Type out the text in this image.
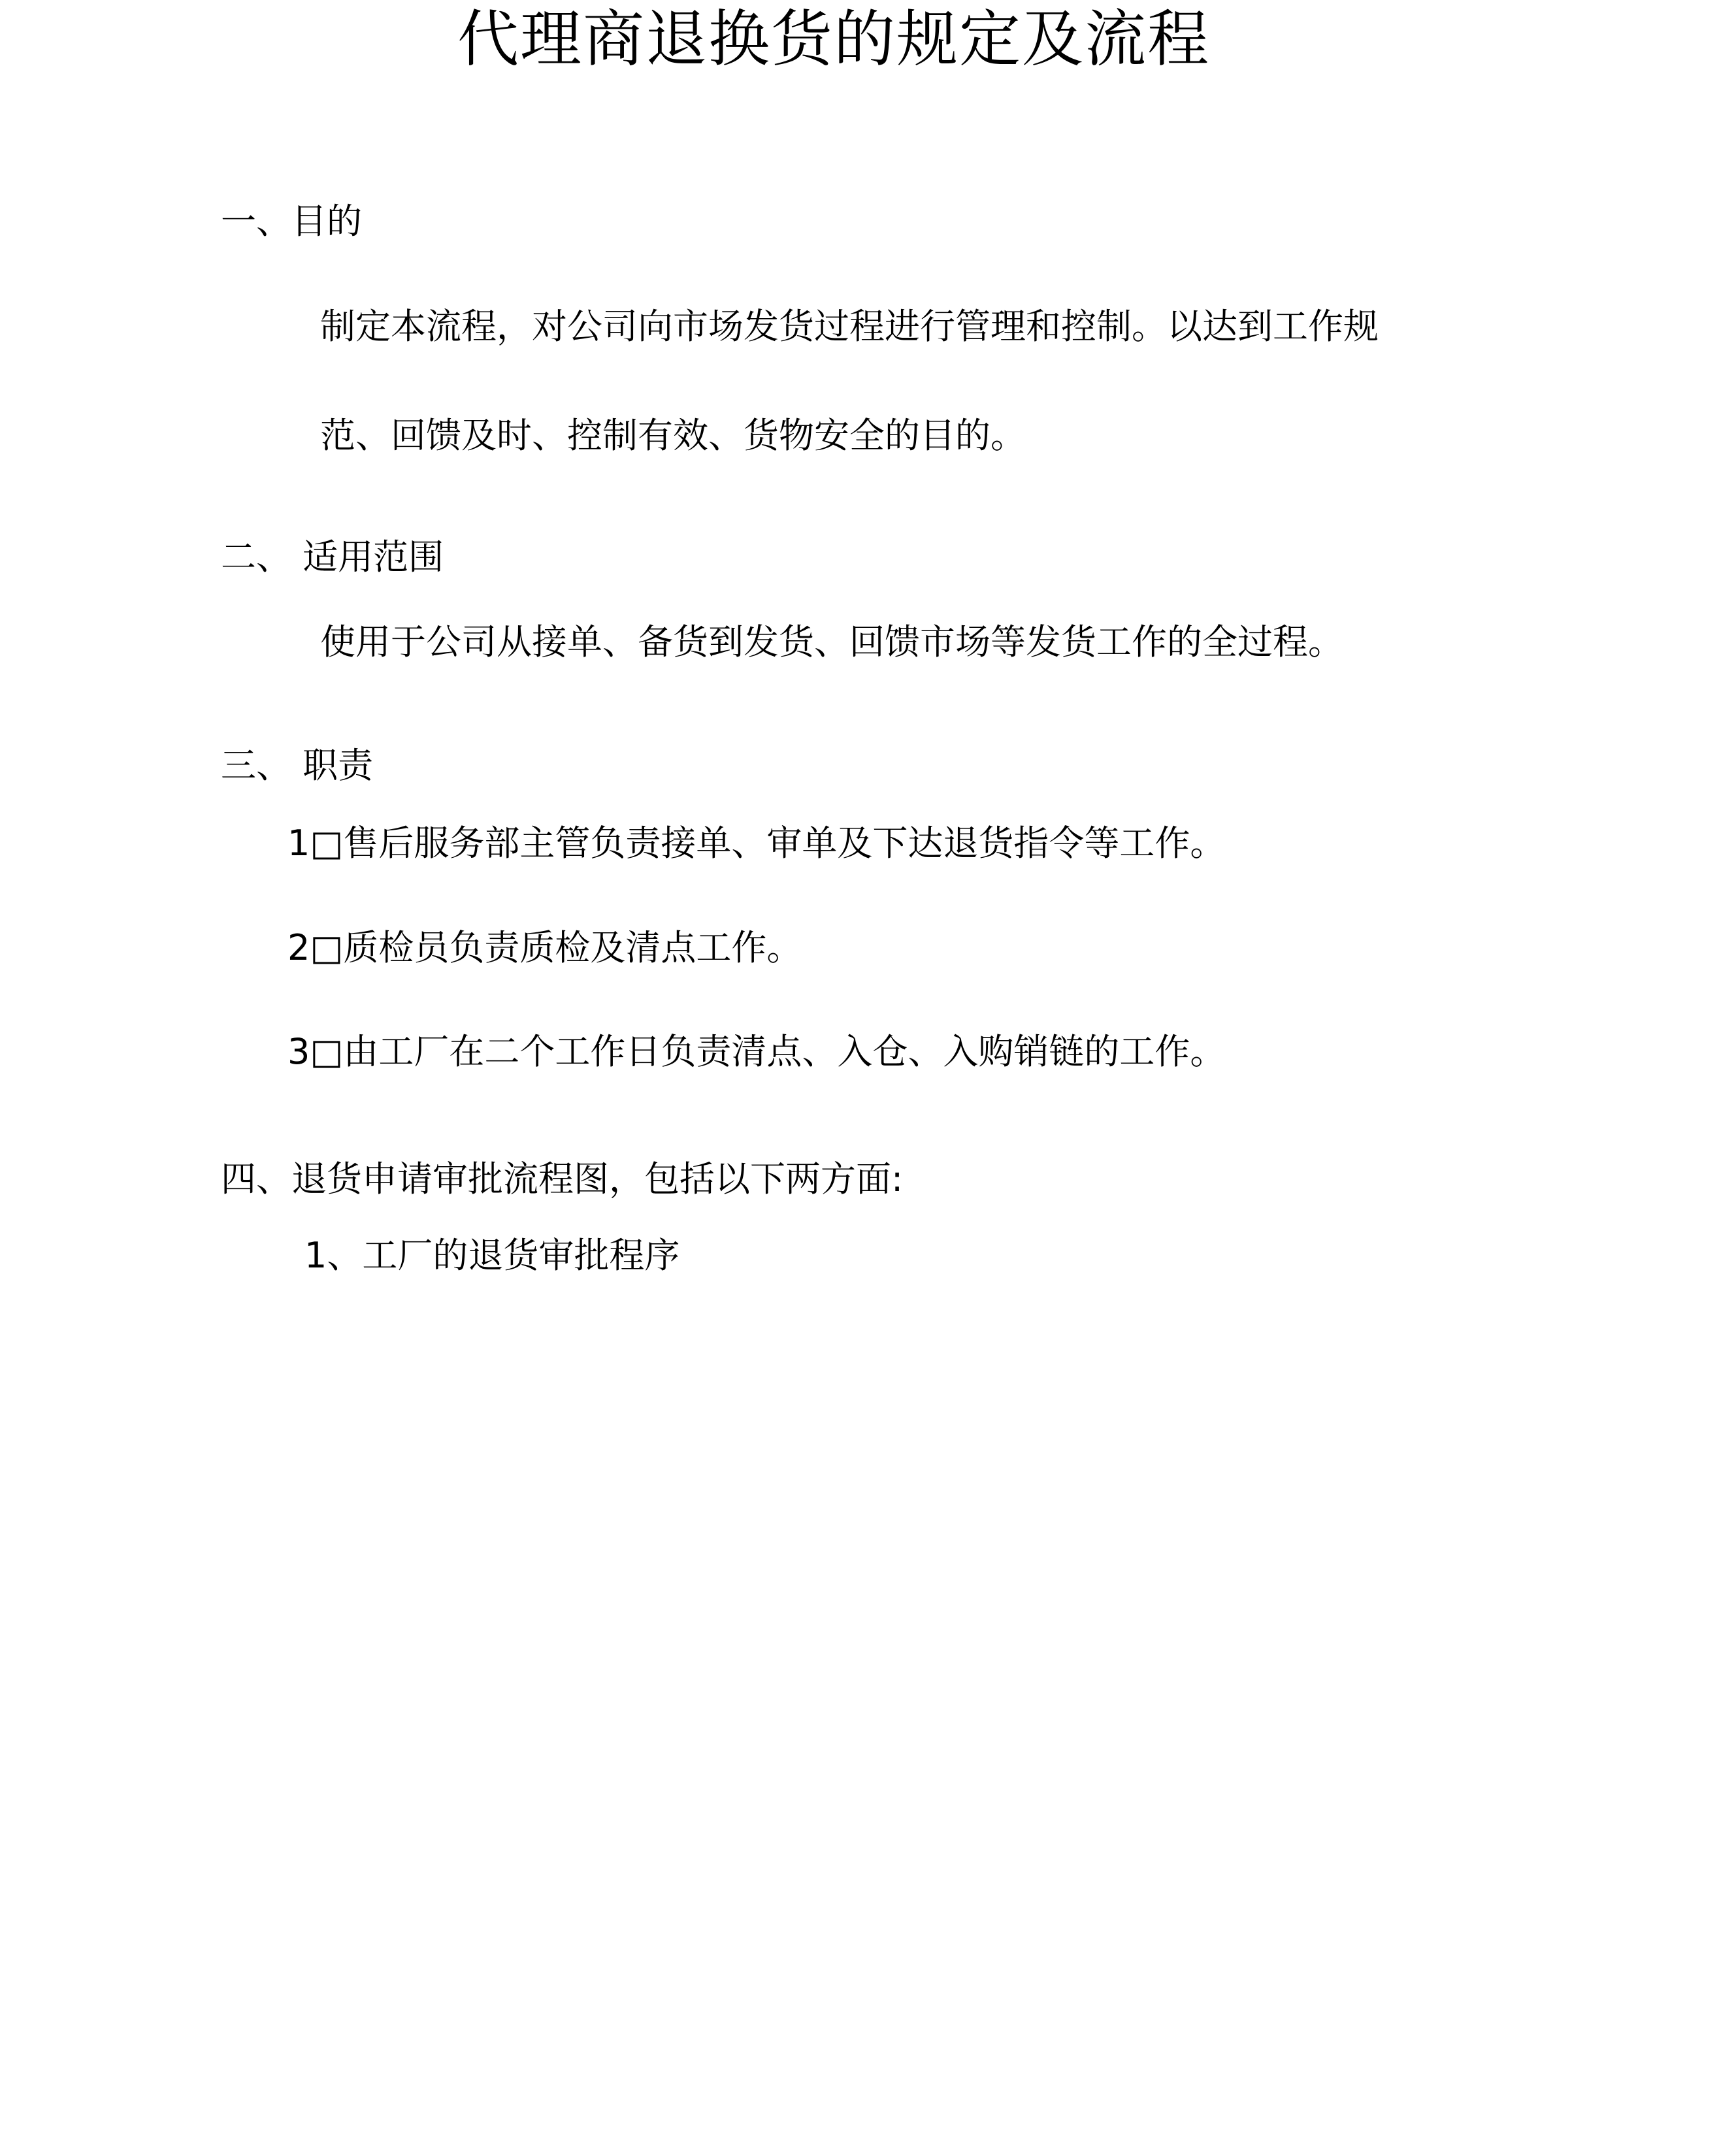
代理商退换货的规定及流程
一、目的
制定本流程，对公司向市场发货过程进行管理和控制。以达到工作规
范、回馈及时、控制有效、货物安全的目的。
二、 适用范围
使用于公司从接单、备货到发货、回馈市场等发货工作的全过程。
三、 职责
1□售后服务部主管负责接单、审单及下达退货指令等工作。
2□质检员负责质检及清点工作。
3□由工厂在二个工作日负责清点、入仓、入购销链的工作。
四、退货申请审批流程图，包括以下两方面:
1、工厂的退货审批程序
